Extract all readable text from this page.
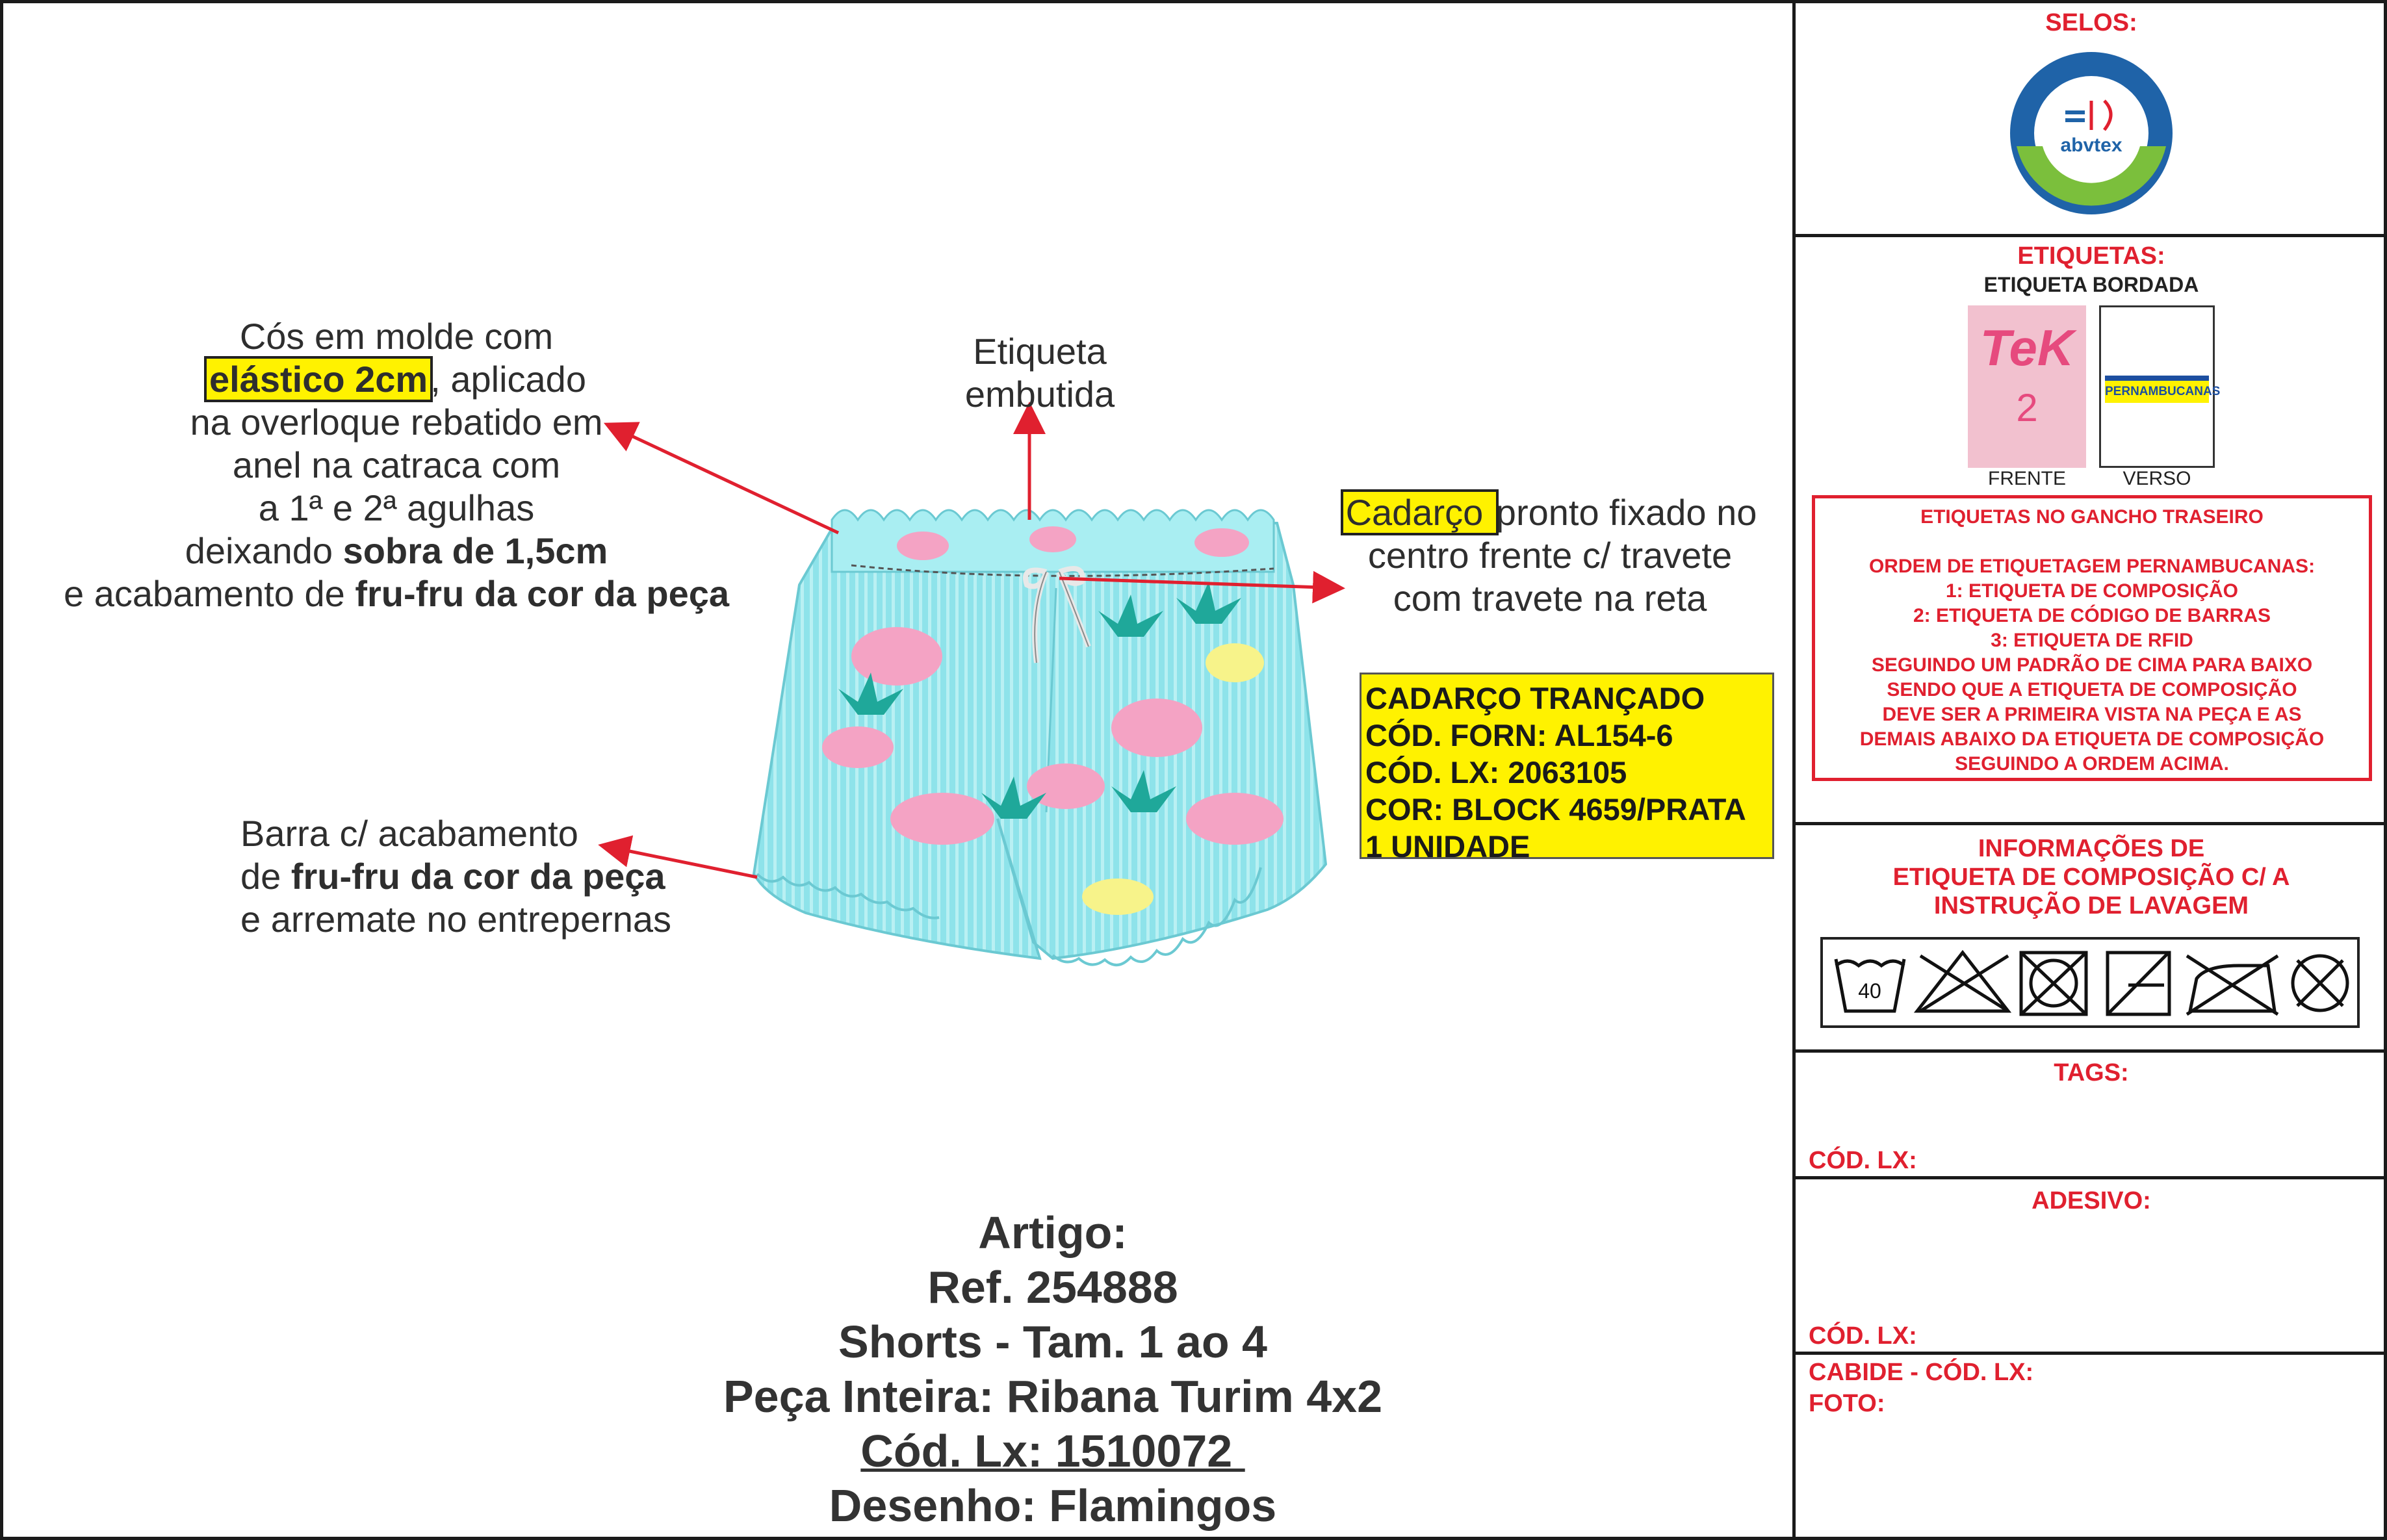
Cós em molde com
elástico 2cm, aplicado
na overloque rebatido em
anel na catraca com
a 1ª e 2ª agulhas
deixando sobra de 1,5cm
e acabamento de fru-fru da cor da peça
Etiqueta
embutida
Cadarço pronto fixado no
centro frente c/ travete
com travete na reta
Barra c/ acabamento
de fru-fru da cor da peça
e arremate no entrepernas
CADARÇO TRANÇADO
CÓD. FORN: AL154-6
CÓD. LX: 2063105
COR: BLOCK 4659/PRATA
1 UNIDADE
Artigo:
Ref. 254888
Shorts - Tam. 1 ao 4
Peça Inteira: Ribana Turim 4x2
Cód. Lx: 1510072
Desenho: Flamingos
SELOS:
abvtex
ETIQUETAS:
ETIQUETA BORDADA
TeK
2	PERNAMBUCANAS
FRENTE	VERSO
ETIQUETAS NO GANCHO TRASEIRO
ORDEM DE ETIQUETAGEM PERNAMBUCANAS:
1: ETIQUETA DE COMPOSIÇÃO
2: ETIQUETA DE CÓDIGO DE BARRAS
3: ETIQUETA DE RFID
SEGUINDO UM PADRÃO DE CIMA PARA BAIXO
SENDO QUE A ETIQUETA DE COMPOSIÇÃO
DEVE SER A PRIMEIRA VISTA NA PEÇA E AS
DEMAIS ABAIXO DA ETIQUETA DE COMPOSIÇÃO
SEGUINDO A ORDEM ACIMA.
INFORMAÇÕES DE
ETIQUETA DE COMPOSIÇÃO C/ A
INSTRUÇÃO DE LAVAGEM
40
TAGS:
CÓD. LX:
ADESIVO:
CÓD. LX:
CABIDE - CÓD. LX:
FOTO:
